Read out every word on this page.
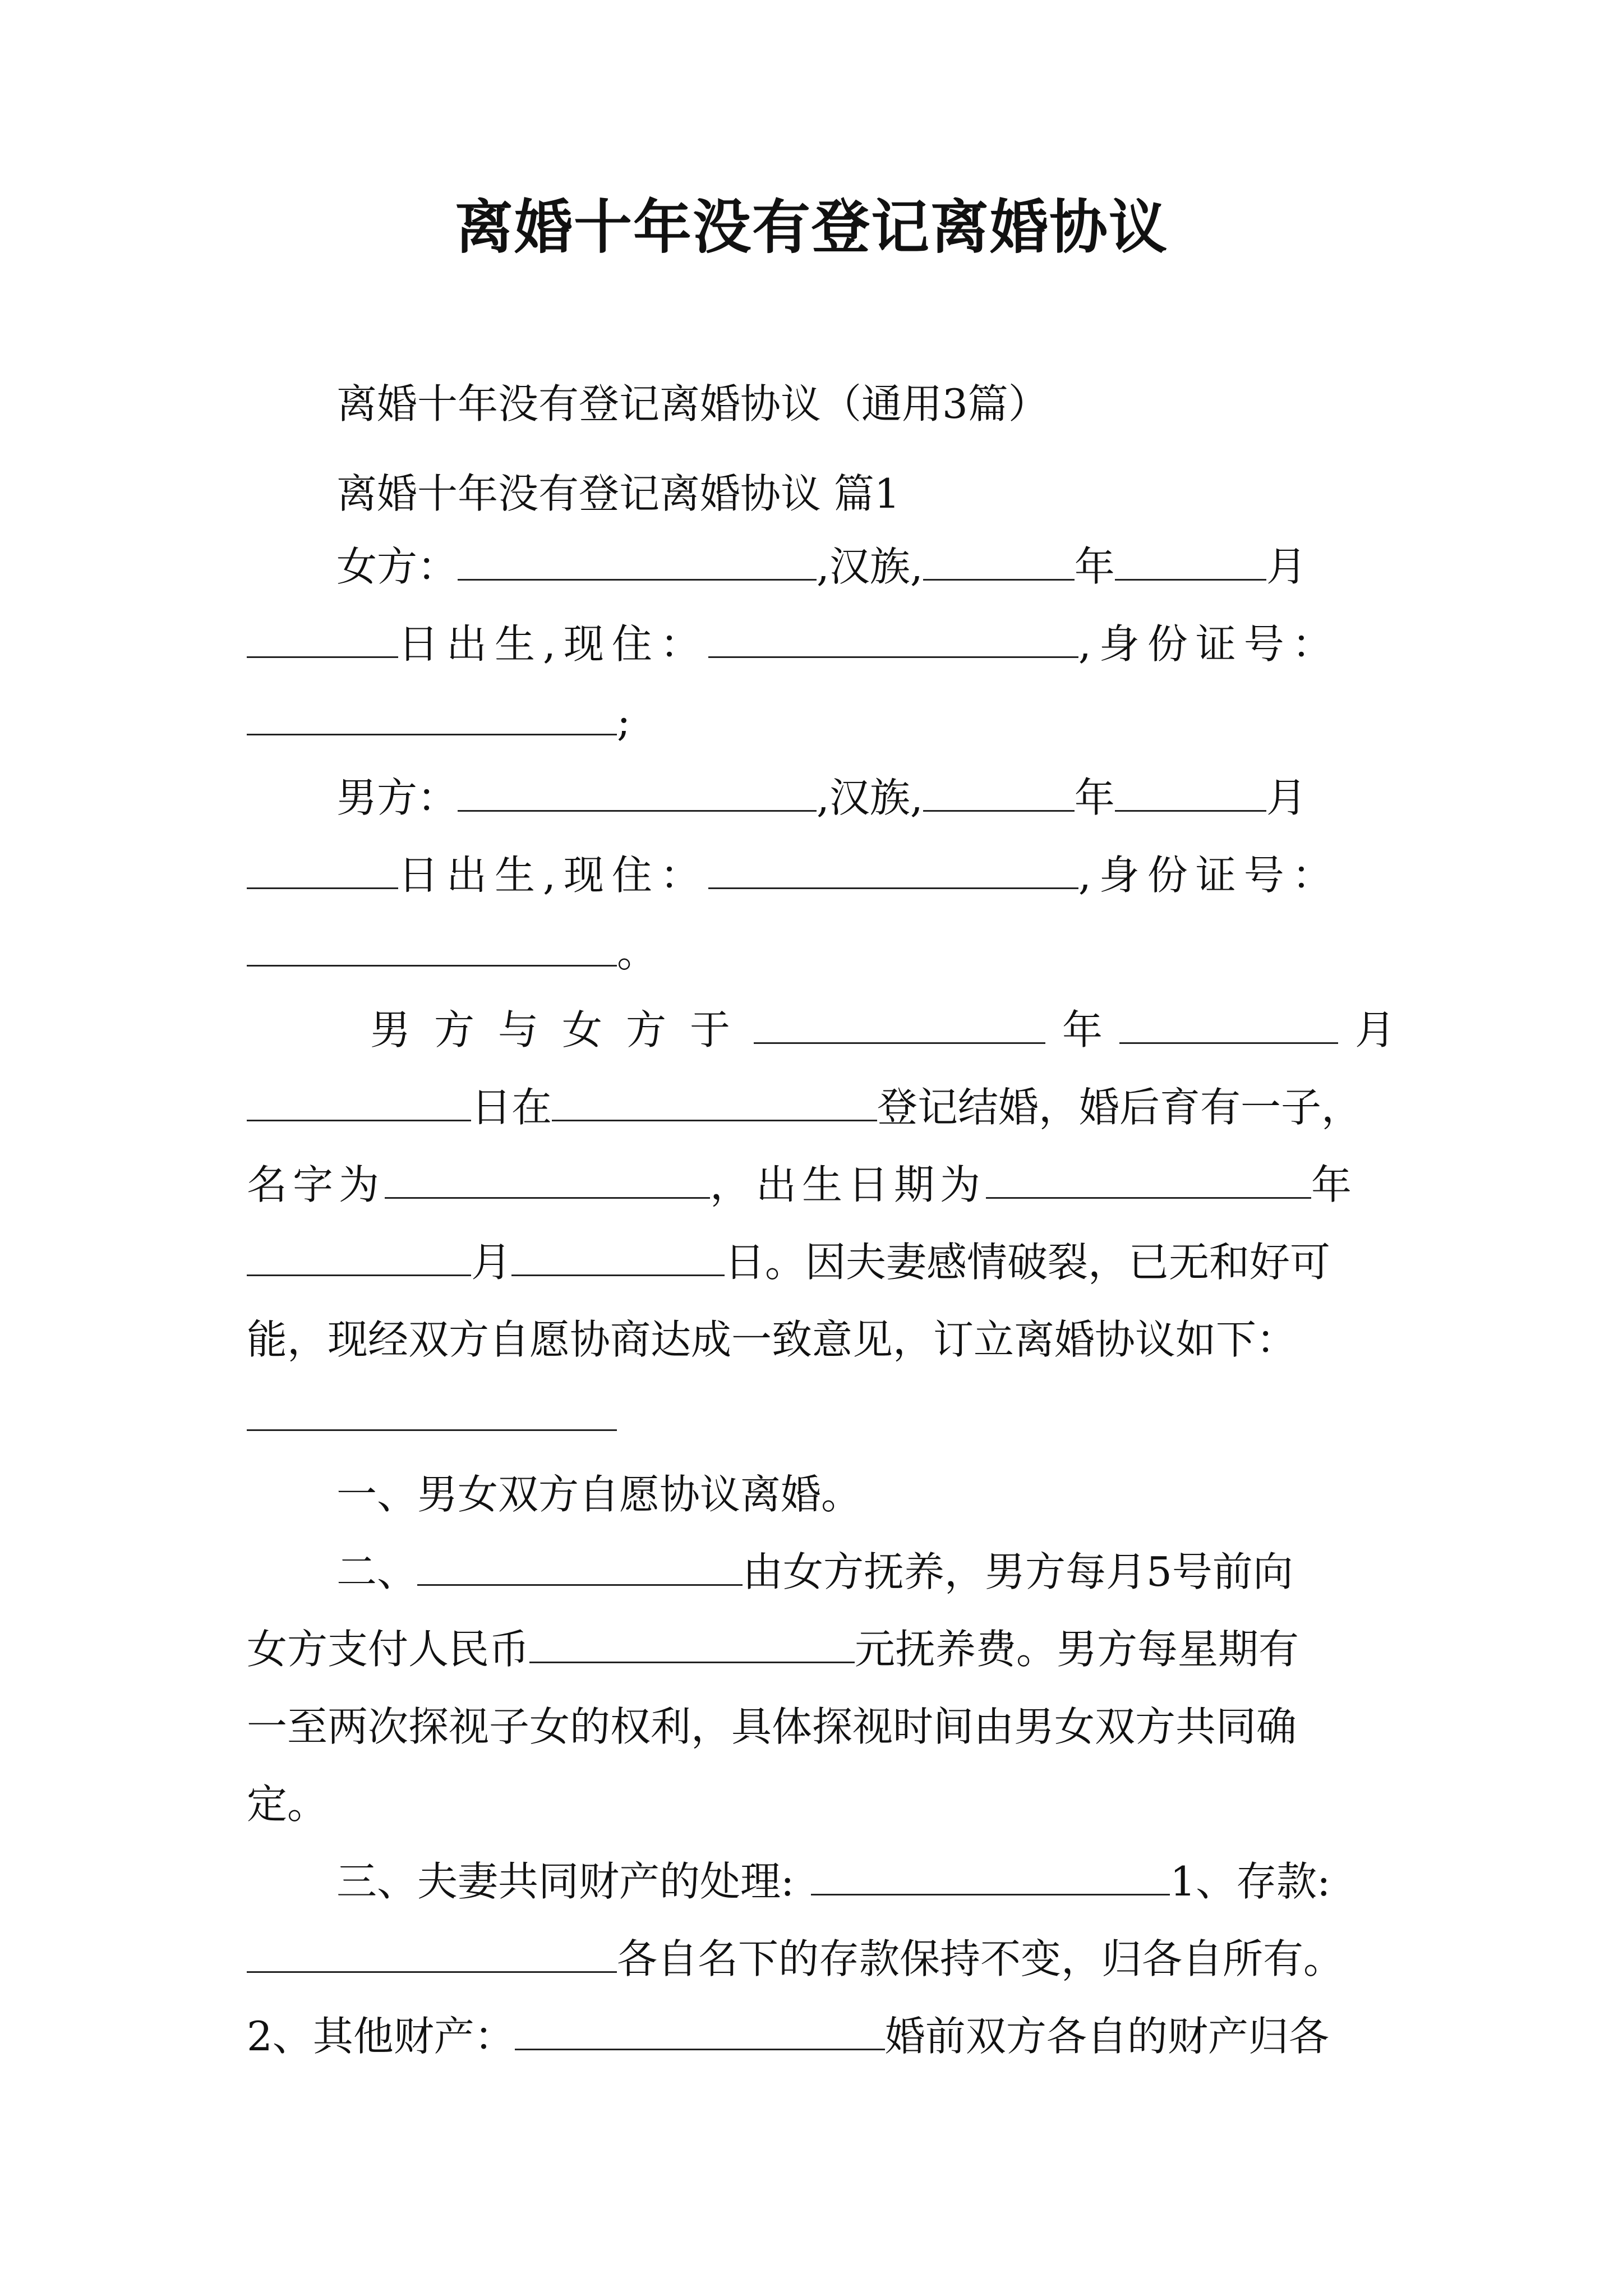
离婚十年没有登记离婚协议
离婚十年没有登记离婚协议（通用3篇）
离婚十年没有登记离婚协议 篇1
女方：	,汉族,	年	月
日出生,现住：	,身份证号：
;
男方：	,汉族,	年	月
日出生,现住：	,身份证号：
。
男方与女方于	年	月
日在	登记结婚，婚后育有一子，
名字为	，出生日期为	年
月	日。因夫妻感情破裂，已无和好可
能，现经双方自愿协商达成一致意见，订立离婚协议如下：
一、男女双方自愿协议离婚。
二、	由女方抚养，男方每月5号前向
女方支付人民币	元抚养费。男方每星期有
一至两次探视子女的权利，具体探视时间由男女双方共同确
定。
三、夫妻共同财产的处理:	1、存款:
各自名下的存款保持不变，归各自所有。
2、其他财产：	婚前双方各自的财产归各
